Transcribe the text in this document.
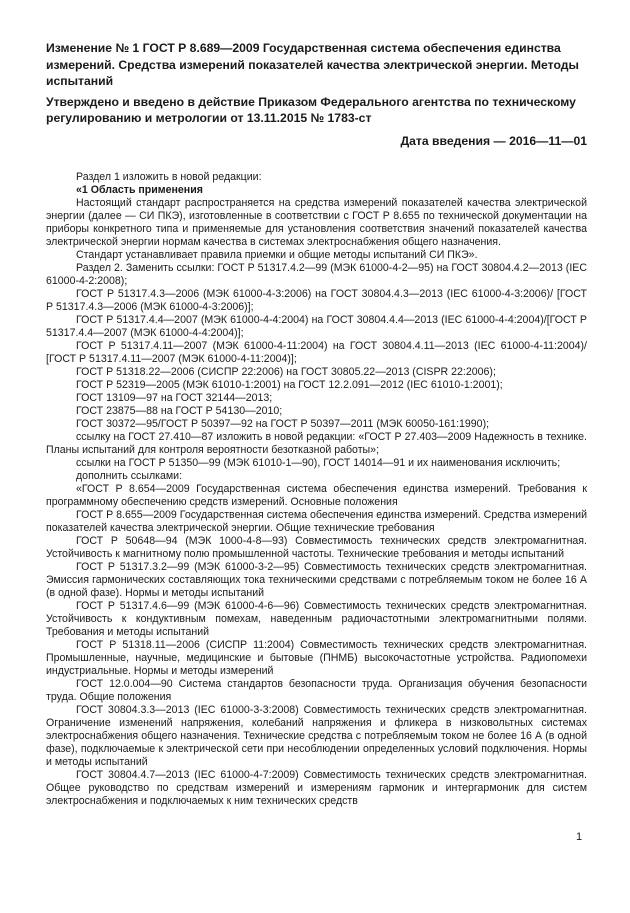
Изменение № 1 ГОСТ Р 8.689—2009 Государственная система обеспечения единства измерений. Средства измерений показателей качества электрической энергии. Методы испытаний

Утверждено и введено в действие Приказом Федерального агентства по техническому регулированию и метрологии от 13.11.2015 № 1783-ст

Дата введения — 2016—11—01

Раздел 1 изложить в новой редакции:

«1 Область применения

Настоящий стандарт распространяется на средства измерений показателей качества электрической энергии (далее — СИ ПКЭ), изготовленные в соответствии с ГОСТ Р 8.655 по технической документации на приборы конкретного типа и применяемые для установления соответствия значений показателей качества электрической энергии нормам качества в системах электроснабжения общего назначения.

Стандарт устанавливает правила приемки и общие методы испытаний СИ ПКЭ».

Раздел 2. Заменить ссылки: ГОСТ Р 51317.4.2—99 (МЭК 61000-4-2—95) на ГОСТ 30804.4.2—2013 (IEC 61000-4-2:2008);

ГОСТ Р 51317.4.3—2006 (МЭК 61000-4-3:2006) на ГОСТ 30804.4.3—2013 (IEC 61000-4-3:2006)/ [ГОСТ Р 51317.4.3—2006 (МЭК 61000-4-3:2006)];

ГОСТ Р 51317.4.4—2007 (МЭК 61000-4-4:2004) на ГОСТ 30804.4.4—2013 (IEC 61000-4-4:2004)/[ГОСТ Р 51317.4.4—2007 (МЭК 61000-4-4:2004)];

ГОСТ Р 51317.4.11—2007 (МЭК 61000-4-11:2004) на ГОСТ 30804.4.11—2013 (IEC 61000-4-11:2004)/ [ГОСТ Р 51317.4.11—2007 (МЭК 61000-4-11:2004)];

ГОСТ Р 51318.22—2006 (СИСПР 22:2006) на ГОСТ 30805.22—2013 (CISPR 22:2006);

ГОСТ Р 52319—2005 (МЭК 61010-1:2001) на ГОСТ 12.2.091—2012 (IEC 61010-1:2001);

ГОСТ 13109—97 на ГОСТ 32144—2013;

ГОСТ 23875—88 на ГОСТ Р 54130—2010;

ГОСТ 30372—95/ГОСТ Р 50397—92 на ГОСТ Р 50397—2011 (МЭК 60050-161:1990);

ссылку на ГОСТ 27.410—87 изложить в новой редакции: «ГОСТ Р 27.403—2009 Надежность в технике. Планы испытаний для контроля вероятности безотказной работы»;

ссылки на ГОСТ Р 51350—99 (МЭК 61010-1—90), ГОСТ 14014—91 и их наименования исключить;

дополнить ссылками:

«ГОСТ Р 8.654—2009 Государственная система обеспечения единства измерений. Требования к программному обеспечению средств измерений. Основные положения

ГОСТ Р 8.655—2009 Государственная система обеспечения единства измерений. Средства измерений показателей качества электрической энергии. Общие технические требования

ГОСТ Р 50648—94 (МЭК 1000-4-8—93) Совместимость технических средств электромагнитная. Устойчивость к магнитному полю промышленной частоты. Технические требования и методы испытаний

ГОСТ Р 51317.3.2—99 (МЭК 61000-3-2—95) Совместимость технических средств электромагнитная. Эмиссия гармонических составляющих тока техническими средствами с потребляемым током не более 16 А (в одной фазе). Нормы и методы испытаний

ГОСТ Р 51317.4.6—99 (МЭК 61000-4-6—96) Совместимость технических средств электромагнитная. Устойчивость к кондуктивным помехам, наведенным радиочастотными электромагнитными полями. Требования и методы испытаний

ГОСТ Р 51318.11—2006 (СИСПР 11:2004) Совместимость технических средств электромагнитная. Промышленные, научные, медицинские и бытовые (ПНМБ) высокочастотные устройства. Радиопомехи индустриальные. Нормы и методы измерений

ГОСТ 12.0.004—90 Система стандартов безопасности труда. Организация обучения безопасности труда. Общие положения

ГОСТ 30804.3.3—2013 (IEC 61000-3-3:2008) Совместимость технических средств электромагнитная. Ограничение изменений напряжения, колебаний напряжения и фликера в низковольтных системах электроснабжения общего назначения. Технические средства с потребляемым током не более 16 А (в одной фазе), подключаемые к электрической сети при несоблюдении определенных условий подключения. Нормы и методы испытаний

ГОСТ 30804.4.7—2013 (IEC 61000-4-7:2009) Совместимость технических средств электромагнитная. Общее руководство по средствам измерений и измерениям гармоник и интергармоник для систем электроснабжения и подключаемых к ним технических средств

1
